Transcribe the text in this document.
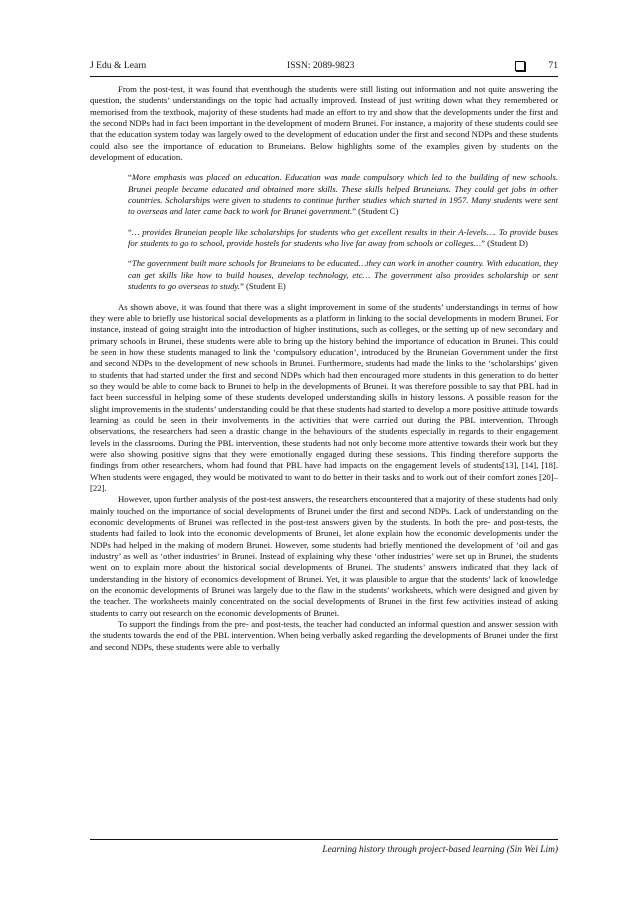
J Edu & Learn	ISSN: 2089-9823	71

From the post-test, it was found that eventhough the students were still listing out information and not quite answering the question, the students’ understandings on the topic had actually improved. Instead of just writing down what they remembered or memorised from the textbook, majority of these students had made an effort to try and show that the developments under the first and the second NDPs had in fact been important in the development of modern Brunei. For instance, a majority of these students could see that the education system today was largely owed to the development of education under the first and second NDPs and these students could also see the importance of education to Bruneians. Below highlights some of the examples given by students on the development of education.

“More emphasis was placed on education. Education was made compulsory which led to the building of new schools. Brunei people became educated and obtained more skills. These skills helped Bruneians. They could get jobs in other countries. Scholarships were given to students to continue further studies which started in 1957. Many students were sent to overseas and later came back to work for Brunei government.” (Student C)

“… provides Bruneian people like scholarships for students who get excellent results in their A-levels…. To provide buses for students to go to school, provide hostels for students who live far away from schools or colleges…” (Student D)

“The government built more schools for Bruneians to be educated…they can work in another country. With education, they can get skills like how to build houses, develop technology, etc… The government also provides scholarship or sent students to go overseas to study.” (Student E)

As shown above, it was found that there was a slight improvement in some of the students’ understandings in terms of how they were able to briefly use historical social developments as a platform in linking to the social developments in modern Brunei. For instance, instead of going straight into the introduction of higher institutions, such as colleges, or the setting up of new secondary and primary schools in Brunei, these students were able to bring up the history behind the importance of education in Brunei. This could be seen in how these students managed to link the ‘compulsory education’, introduced by the Bruneian Government under the first and second NDPs to the development of new schools in Brunei. Furthermore, students had made the links to the ‘scholarships’ given to students that had started under the first and second NDPs which had then encouraged more students in this generation to do better so they would be able to come back to Brunei to help in the developments of Brunei. It was therefore possible to say that PBL had in fact been successful in helping some of these students developed understanding skills in history lessons. A possible reason for the slight improvements in the students’ understanding could be that these students had started to develop a more positive attitude towards learning as could be seen in their involvements in the activities that were carried out during the PBL intervention. Through observations, the researchers had seen a drastic change in the behaviours of the students especially in regards to their engagement levels in the classrooms. During the PBL intervention, these students had not only become more attentive towards their work but they were also showing positive signs that they were emotionally engaged during these sessions. This finding therefore supports the findings from other researchers, whom had found that PBL have had impacts on the engagement levels of students[13], [14], [18]. When students were engaged, they would be motivated to want to do better in their tasks and to work out of their comfort zones [20]–[22].

However, upon further analysis of the post-test answers, the researchers encountered that a majority of these students had only mainly touched on the importance of social developments of Brunei under the first and second NDPs. Lack of understanding on the economic developments of Brunei was reflected in the post-test answers given by the students. In both the pre- and post-tests, the students had failed to look into the economic developments of Brunei, let alone explain how the economic developments under the NDPs had helped in the making of modern Brunei. However, some students had briefly mentioned the development of ‘oil and gas industry’ as well as ‘other industries’ in Brunei. Instead of explaining why these ‘other industries’ were set up in Brunei, the students went on to explain more about the historical social developments of Brunei. The students’ answers indicated that they lack of understanding in the history of economics development of Brunei. Yet, it was plausible to argue that the students’ lack of knowledge on the economic developments of Brunei was largely due to the flaw in the students’ worksheets, which were designed and given by the teacher. The worksheets mainly concentrated on the social developments of Brunei in the first few activities instead of asking students to carry out research on the economic developments of Brunei.

To support the findings from the pre- and post-tests, the teacher had conducted an informal question and answer session with the students towards the end of the PBL intervention. When being verbally asked regarding the developments of Brunei under the first and second NDPs, these students were able to verbally

Learning history through project-based learning (Sin Wei Lim)
